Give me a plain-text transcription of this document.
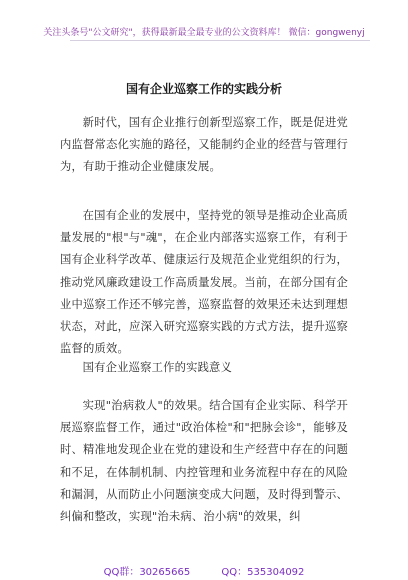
关注头条号"公文研究"，获得最新最全最专业的公文资料库！ 微信：gongwenyj
国有企业巡察工作的实践分析

新时代，国有企业推行创新型巡察工作，既是促进党内监督常态化实施的路径，又能制约企业的经营与管理行为，有助于推动企业健康发展。

在国有企业的发展中，坚持党的领导是推动企业高质量发展的"根"与"魂"，在企业内部落实巡察工作，有利于国有企业科学改革、健康运行及规范企业党组织的行为，推动党风廉政建设工作高质量发展。当前，在部分国有企业中巡察工作还不够完善，巡察监督的效果还未达到理想状态，对此，应深入研究巡察实践的方式方法，提升巡察监督的质效。

国有企业巡察工作的实践意义

实现"治病救人"的效果。结合国有企业实际、科学开展巡察监督工作，通过"政治体检"和"把脉会诊"，能够及时、精准地发现企业在党的建设和生产经营中存在的问题和不足，在体制机制、内控管理和业务流程中存在的风险和漏洞，从而防止小问题演变成大问题，及时得到警示、纠偏和整改，实现"治未病、治小病"的效果，纠

QQ群：30265665	QQ：535304092
